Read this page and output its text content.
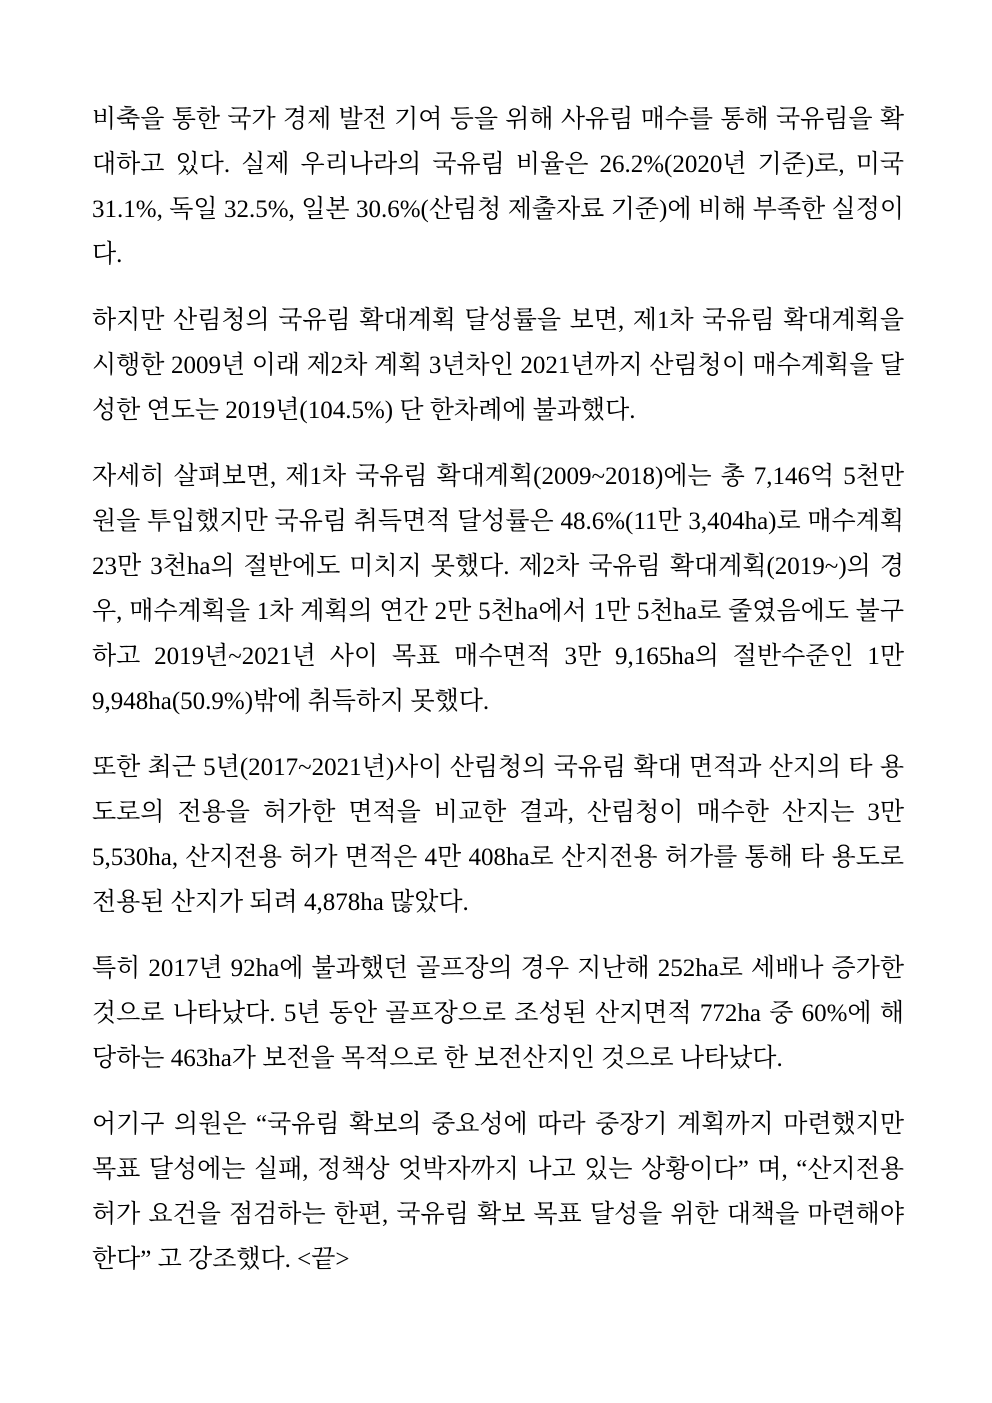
비축을 통한 국가 경제 발전 기여 등을 위해 사유림 매수를 통해 국유림을 확대하고 있다. 실제 우리나라의 국유림 비율은 26.2%(2020년 기준)로, 미국 31.1%, 독일 32.5%, 일본 30.6%(산림청 제출자료 기준)에 비해 부족한 실정이다.

하지만 산림청의 국유림 확대계획 달성률을 보면, 제1차 국유림 확대계획을 시행한 2009년 이래 제2차 계획 3년차인 2021년까지 산림청이 매수계획을 달성한 연도는 2019년(104.5%) 단 한차례에 불과했다.

자세히 살펴보면, 제1차 국유림 확대계획(2009~2018)에는 총 7,146억 5천만원을 투입했지만 국유림 취득면적 달성률은 48.6%(11만 3,404ha)로 매수계획 23만 3천ha의 절반에도 미치지 못했다. 제2차 국유림 확대계획(2019~)의 경우, 매수계획을 1차 계획의 연간 2만 5천ha에서 1만 5천ha로 줄였음에도 불구하고 2019년~2021년 사이 목표 매수면적 3만 9,165ha의 절반수준인 1만 9,948ha(50.9%)밖에 취득하지 못했다.

또한 최근 5년(2017~2021년)사이 산림청의 국유림 확대 면적과 산지의 타 용도로의 전용을 허가한 면적을 비교한 결과, 산림청이 매수한 산지는 3만 5,530ha, 산지전용 허가 면적은 4만 408ha로 산지전용 허가를 통해 타 용도로 전용된 산지가 되려 4,878ha 많았다.

특히 2017년 92ha에 불과했던 골프장의 경우 지난해 252ha로 세배나 증가한 것으로 나타났다. 5년 동안 골프장으로 조성된 산지면적 772ha 중 60%에 해당하는 463ha가 보전을 목적으로 한 보전산지인 것으로 나타났다.

어기구 의원은 “국유림 확보의 중요성에 따라 중장기 계획까지 마련했지만 목표 달성에는 실패, 정책상 엇박자까지 나고 있는 상황이다” 며, “산지전용 허가 요건을 점검하는 한편, 국유림 확보 목표 달성을 위한 대책을 마련해야 한다” 고 강조했다. <끝>
